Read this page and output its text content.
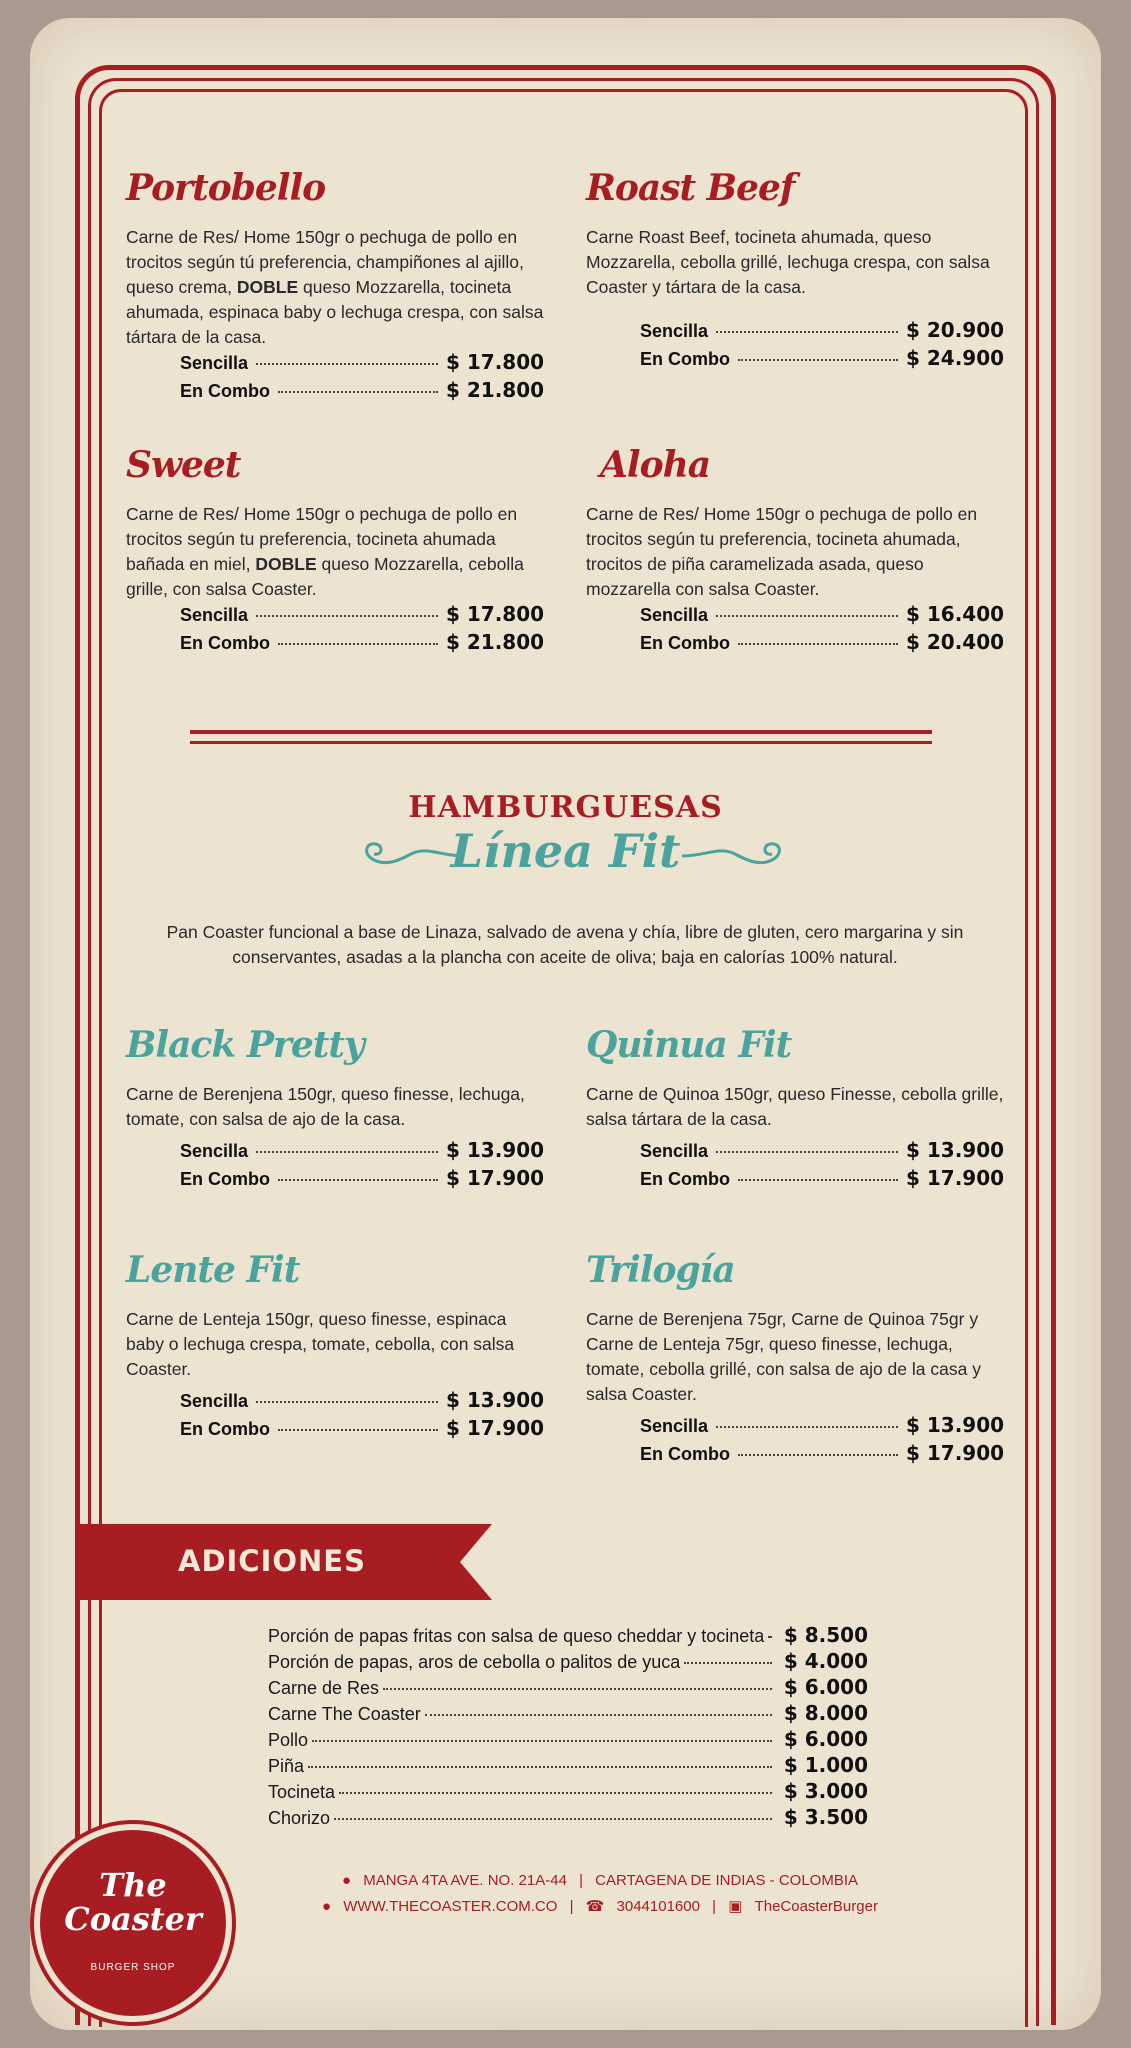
Portobello
Carne de Res/ Home 150gr o pechuga de pollo en trocitos según tú preferencia, champiñones al ajillo, queso crema, DOBLE queso Mozzarella, tocineta ahumada, espinaca baby o lechuga crespa, con salsa tártara de la casa.
Sencilla	$ 17.800
En Combo	$ 21.800
Roast Beef
Carne Roast Beef, tocineta ahumada, queso Mozzarella, cebolla grillé, lechuga crespa, con salsa Coaster y tártara de la casa.
Sencilla	$ 20.900
En Combo	$ 24.900
Sweet
Carne de Res/ Home 150gr o pechuga de pollo en trocitos según tu preferencia, tocineta ahumada bañada en miel, DOBLE queso Mozzarella, cebolla grille, con salsa Coaster.
Sencilla	$ 17.800
En Combo	$ 21.800
Aloha
Carne de Res/ Home 150gr o pechuga de pollo en trocitos según tu preferencia, tocineta ahumada, trocitos de piña caramelizada asada, queso mozzarella con salsa Coaster.
Sencilla	$ 16.400
En Combo	$ 20.400
HAMBURGUESAS
Línea Fit
Pan Coaster funcional a base de Linaza, salvado de avena y chía, libre de gluten, cero margarina y sin conservantes, asadas a la plancha con aceite de oliva; baja en calorías 100% natural.
Black Pretty
Carne de Berenjena 150gr, queso finesse, lechuga, tomate, con salsa de ajo de la casa.
Sencilla	$ 13.900
En Combo	$ 17.900
Quinua Fit
Carne de Quinoa 150gr, queso Finesse, cebolla grille, salsa tártara de la casa.
Sencilla	$ 13.900
En Combo	$ 17.900
Lente Fit
Carne de Lenteja 150gr, queso finesse, espinaca baby o lechuga crespa, tomate, cebolla, con salsa Coaster.
Sencilla	$ 13.900
En Combo	$ 17.900
Trilogía
Carne de Berenjena 75gr, Carne de Quinoa 75gr y Carne de Lenteja 75gr, queso finesse, lechuga, tomate, cebolla grillé, con salsa de ajo de la casa y salsa Coaster.
Sencilla	$ 13.900
En Combo	$ 17.900
ADICIONES
Porción de papas fritas con salsa de queso cheddar y tocineta $ 8.500
Porción de papas, aros de cebolla o palitos de yuca	$ 4.000
Carne de Res	$ 6.000
Carne The Coaster	$ 8.000
Pollo	$ 6.000
Piña	$ 1.000
Tocineta	$ 3.000
Chorizo	$ 3.500
● MANGA 4TA AVE. NO. 21A-44 | CARTAGENA DE INDIAS - COLOMBIA
● WWW.THECOASTER.COM.CO | ☎ 3044101600 | ▣ TheCoasterBurger
The
Coaster
BURGER SHOP
